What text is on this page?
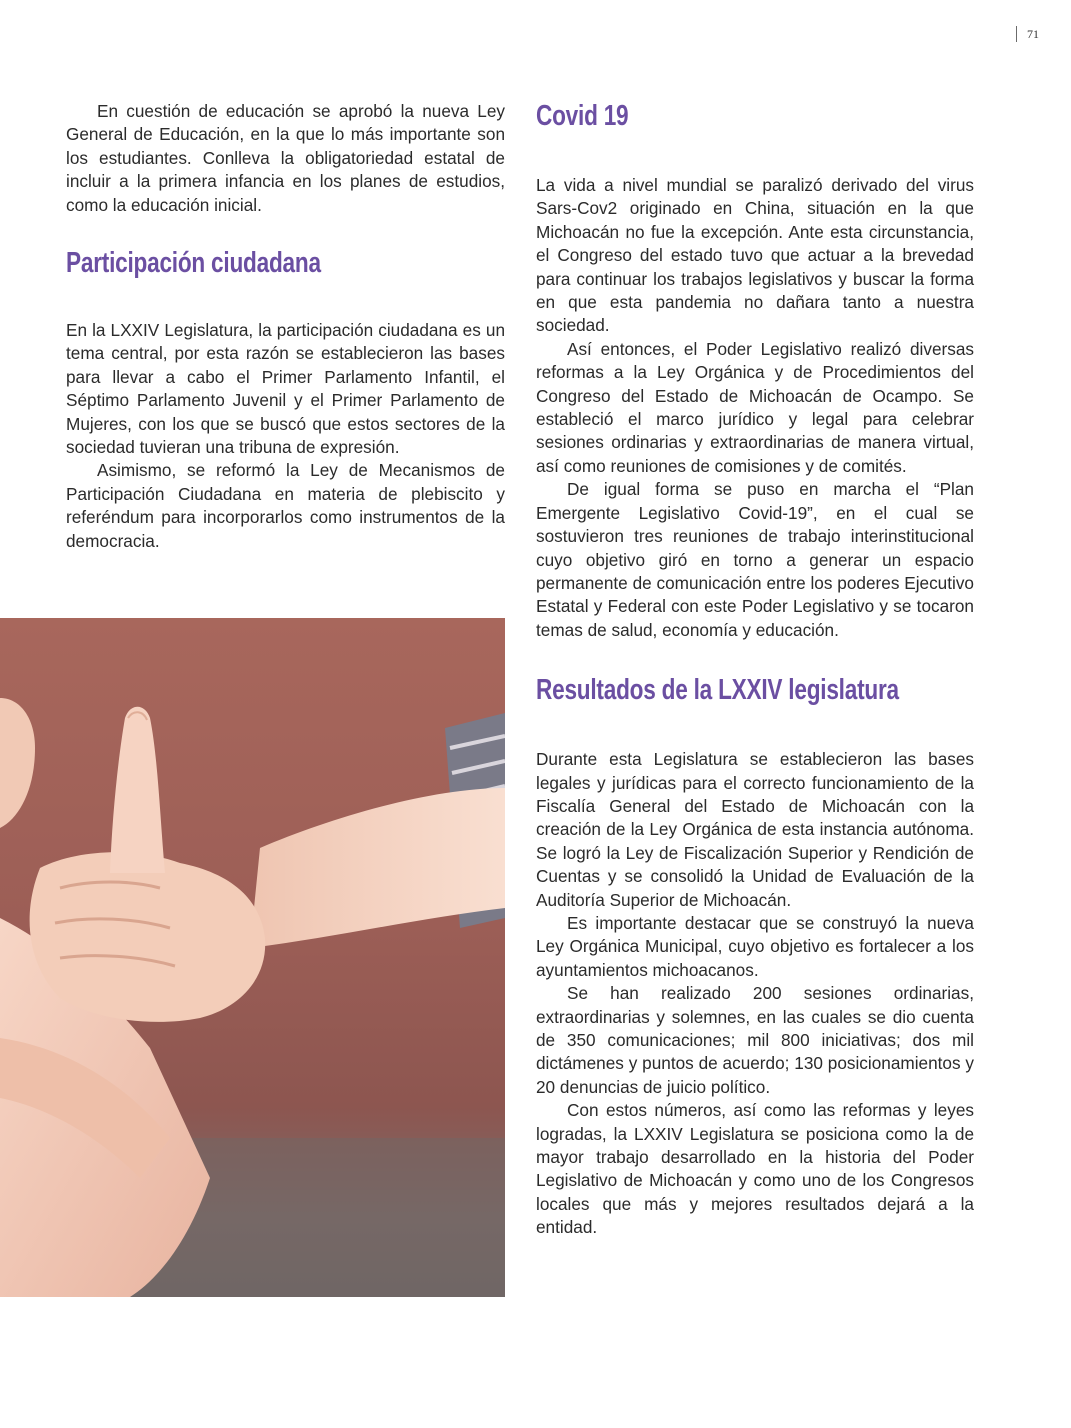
71

En cuestión de educación se aprobó la nueva Ley General de Educación, en la que lo más importante son los estudiantes. Conlleva la obligatoriedad estatal de incluir a la primera infancia en los planes de estudios, como la educación inicial.

Participación ciudadana

En la LXXIV Legislatura, la participación ciudadana es un tema central, por esta razón se establecieron las bases para llevar a cabo el Primer Parlamento Infantil, el Séptimo Parlamento Juvenil y el Primer Parlamento de Mujeres, con los que se buscó que estos sectores de la sociedad tuvieran una tribuna de expresión.

Asimismo, se reformó la Ley de Mecanismos de Participación Ciudadana en materia de plebiscito y referéndum para incorporarlos como instrumentos de la democracia.

Covid 19

La vida a nivel mundial se paralizó derivado del virus Sars-Cov2 originado en China, situación en la que Michoacán no fue la excepción. Ante esta circunstancia, el Congreso del estado tuvo que actuar a la brevedad para continuar los trabajos legislativos y buscar la forma en que esta pandemia no dañara tanto a nuestra sociedad.

Así entonces, el Poder Legislativo realizó diversas reformas a la Ley Orgánica y de Procedimientos del Congreso del Estado de Michoacán de Ocampo. Se estableció el marco jurídico y legal para celebrar sesiones ordinarias y extraordinarias de manera virtual, así como reuniones de comisiones y de comités.

De igual forma se puso en marcha el “Plan Emergente Legislativo Covid-19”, en el cual se sostuvieron tres reuniones de trabajo interinstitucional cuyo objetivo giró en torno a generar un espacio permanente de comunicación entre los poderes Ejecutivo Estatal y Federal con este Poder Legislativo y se tocaron temas de salud, economía y educación.

Resultados de la LXXIV legislatura

Durante esta Legislatura se establecieron las bases legales y jurídicas para el correcto funcionamiento de la Fiscalía General del Estado de Michoacán con la creación de la Ley Orgánica de esta instancia autónoma. Se logró la Ley de Fiscalización Superior y Rendición de Cuentas y se consolidó la Unidad de Evaluación de la Auditoría Superior de Michoacán.

Es importante destacar que se construyó la nueva Ley Orgánica Municipal, cuyo objetivo es fortalecer a los ayuntamientos michoacanos.

Se han realizado 200 sesiones ordinarias, extraordinarias y solemnes, en las cuales se dio cuenta de 350 comunicaciones; mil 800 iniciativas; dos mil dictámenes y puntos de acuerdo; 130 posicionamientos y 20 denuncias de juicio político.

Con estos números, así como las reformas y leyes logradas, la LXXIV Legislatura se posiciona como la de mayor trabajo desarrollado en la historia del Poder Legislativo de Michoacán y como uno de los Congresos locales que más y mejores resultados dejará a la entidad.
